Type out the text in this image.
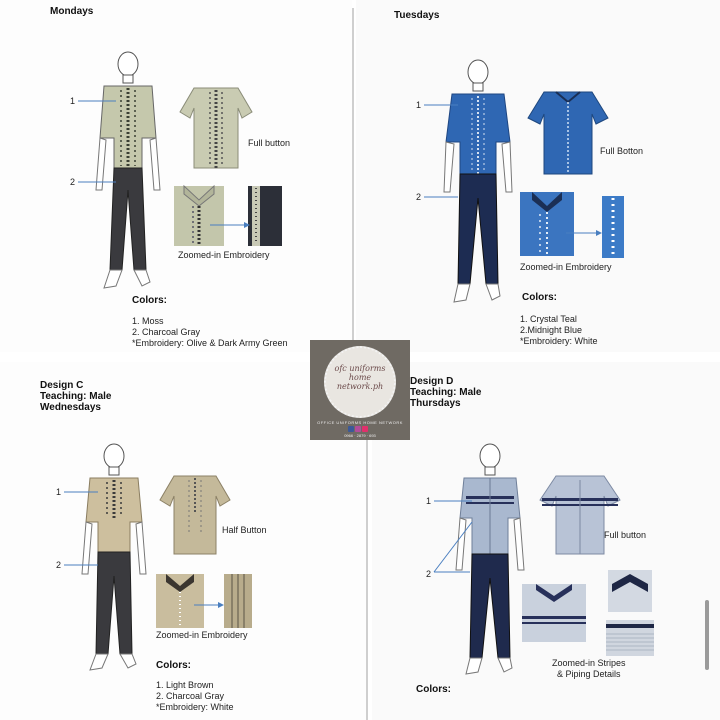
Mondays
1
2
Full button
Zoomed-in Embroidery
Colors:
1. Moss
2. Charcoal Gray
*Embroidery: Olive & Dark Army Green
Tuesdays
1
2
Full Botton
Zoomed-in Embroidery
Colors:
1. Crystal Teal
2.Midnight Blue
*Embroidery: White
Design C
Teaching: Male
Wednesdays
1
2
Half Button
Zoomed-in Embroidery
Colors:
1. Light Brown
2. Charcoal Gray
*Embroidery: White
Design D
Teaching: Male
Thursdays
1
2
Full button
Zoomed-in Stripes
& Piping Details
Colors:
ofc uniforms
home
network.ph
OFFICE UNIFORMS HOME NETWORK
0966 · 2879 · 693
